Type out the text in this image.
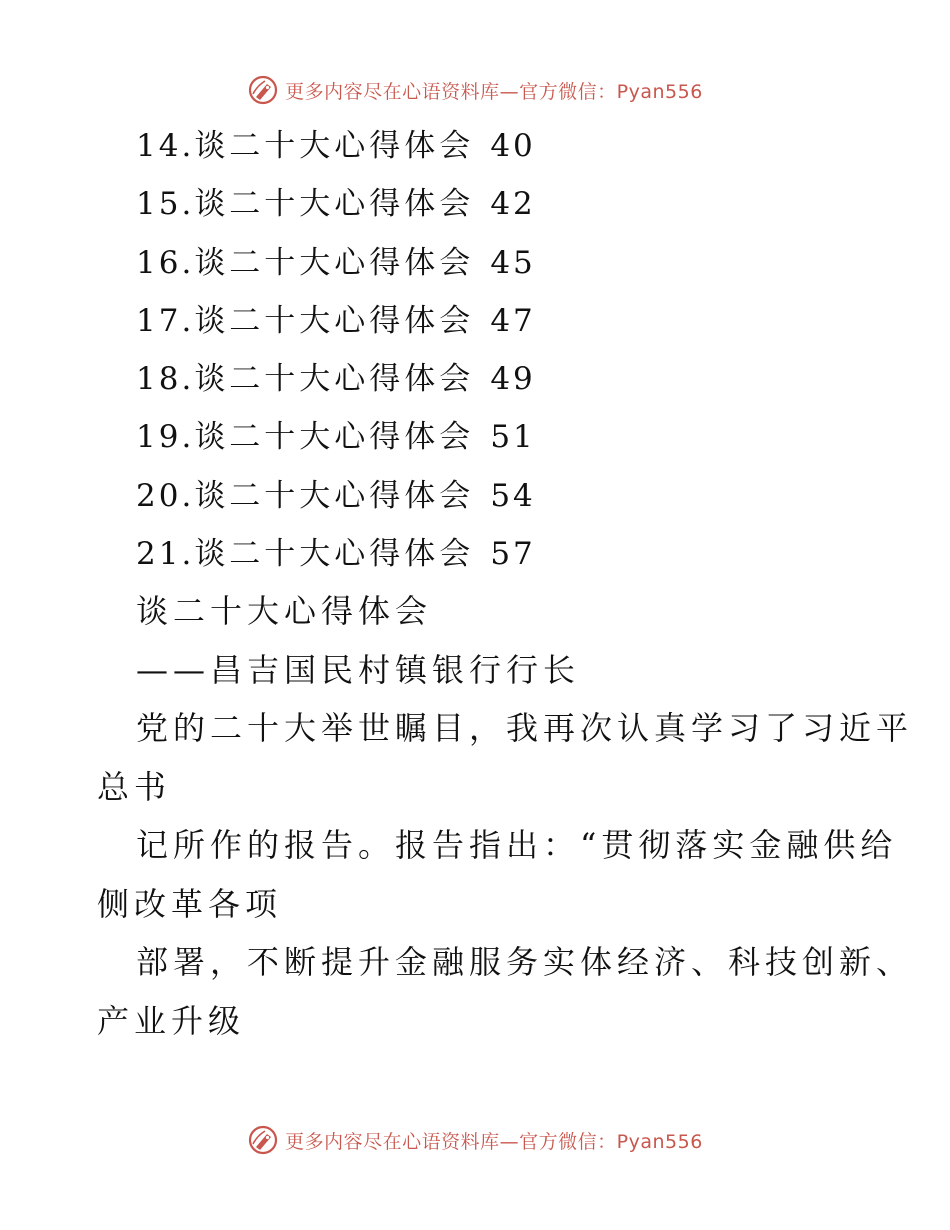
更多内容尽在心语资料库—官方微信：Pyan556
14.谈二十大心得体会 40
15.谈二十大心得体会 42
16.谈二十大心得体会 45
17.谈二十大心得体会 47
18.谈二十大心得体会 49
19.谈二十大心得体会 51
20.谈二十大心得体会 54
21.谈二十大心得体会 57
谈二十大心得体会
——昌吉国民村镇银行行长
党的二十大举世瞩目，我再次认真学习了习近平
总书
记所作的报告。报告指出：“贯彻落实金融供给
侧改革各项
部署，不断提升金融服务实体经济、科技创新、
产业升级
更多内容尽在心语资料库—官方微信：Pyan556
